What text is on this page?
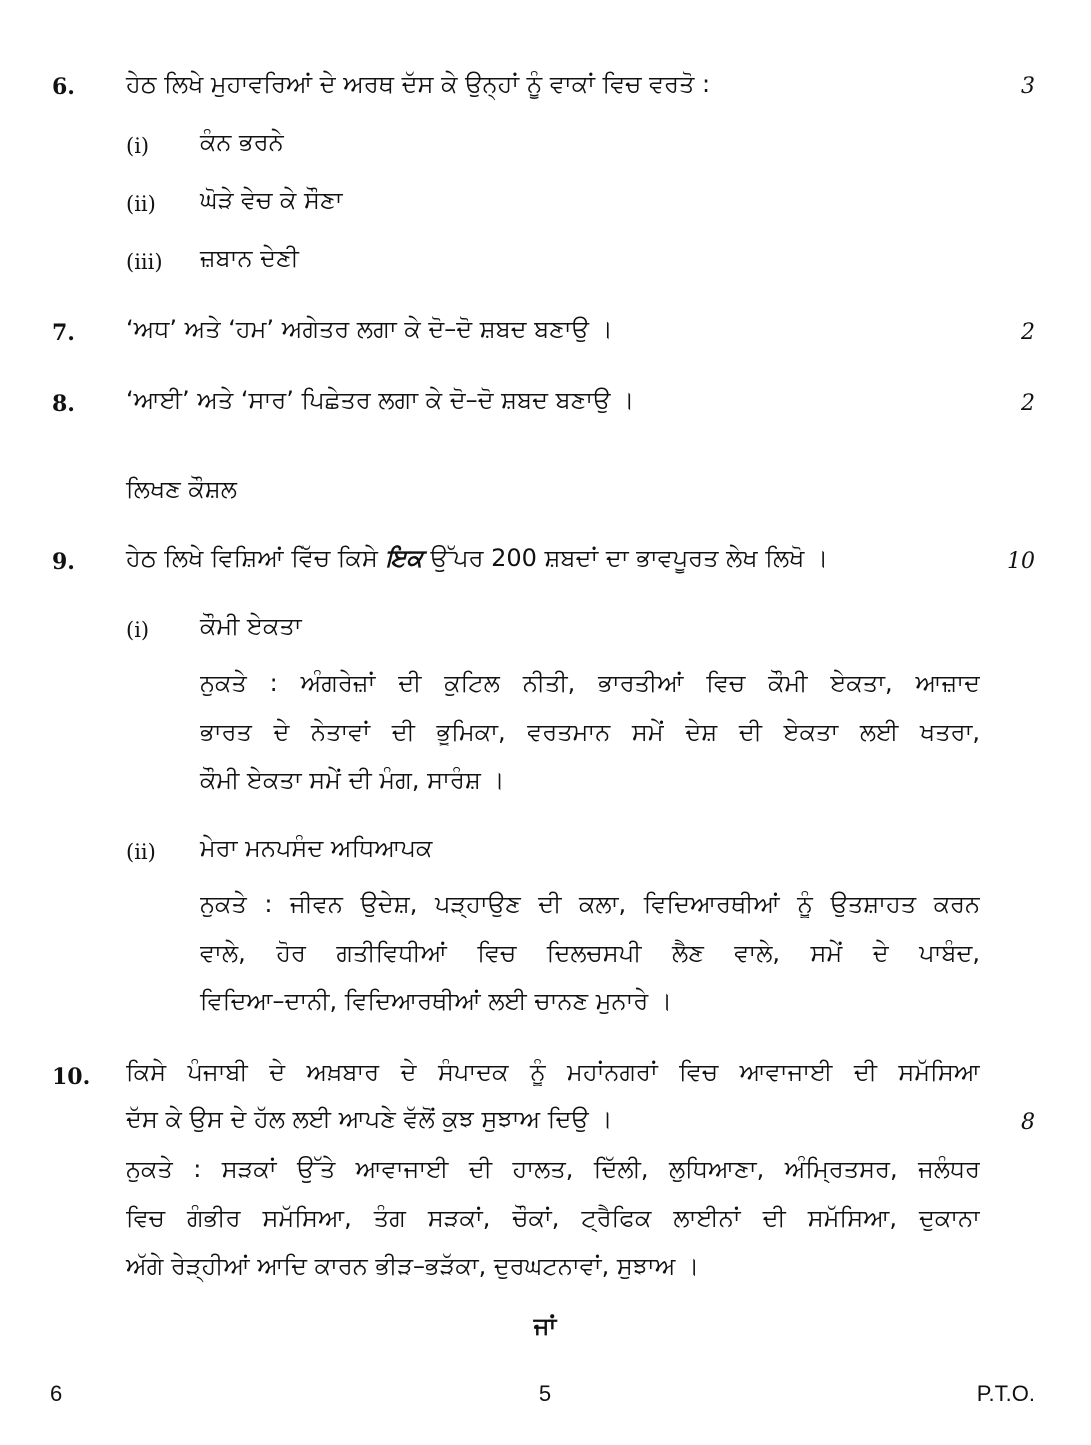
6. ਹੇਠ ਲਿਖੇ ਮੁਹਾਵਰਿਆਂ ਦੇ ਅਰਥ ਦੱਸ ਕੇ ਉਨ੍ਹਾਂ ਨੂੰ ਵਾਕਾਂ ਵਿਚ ਵਰਤੋ :	3
(i) ਕੰਨ ਭਰਨੇ
(ii) ਘੋੜੇ ਵੇਚ ਕੇ ਸੌਣਾ
(iii) ਜ਼ਬਾਨ ਦੇਣੀ
7. ‘ਅਧ’ ਅਤੇ ‘ਹਮ’ ਅਗੇਤਰ ਲਗਾ ਕੇ ਦੋ–ਦੋ ਸ਼ਬਦ ਬਣਾਉ ।	2
8. ‘ਆਈ’ ਅਤੇ ‘ਸਾਰ’ ਪਿਛੇਤਰ ਲਗਾ ਕੇ ਦੋ–ਦੋ ਸ਼ਬਦ ਬਣਾਉ ।	2
ਲਿਖਣ ਕੌਸ਼ਲ
9. ਹੇਠ ਲਿਖੇ ਵਿਸ਼ਿਆਂ ਵਿੱਚ ਕਿਸੇ ਇਕ ਉੱਪਰ 200 ਸ਼ਬਦਾਂ ਦਾ ਭਾਵਪੂਰਤ ਲੇਖ ਲਿਖੋ ।	10
(i) ਕੌਮੀ ਏਕਤਾ
ਨੁਕਤੇ : ਅੰਗਰੇਜ਼ਾਂ ਦੀ ਕੁਟਿਲ ਨੀਤੀ, ਭਾਰਤੀਆਂ ਵਿਚ ਕੌਮੀ ਏਕਤਾ, ਆਜ਼ਾਦ
ਭਾਰਤ ਦੇ ਨੇਤਾਵਾਂ ਦੀ ਭੂਮਿਕਾ, ਵਰਤਮਾਨ ਸਮੇਂ ਦੇਸ਼ ਦੀ ਏਕਤਾ ਲਈ ਖਤਰਾ,
ਕੌਮੀ ਏਕਤਾ ਸਮੇਂ ਦੀ ਮੰਗ, ਸਾਰੰਸ਼ ।
(ii) ਮੇਰਾ ਮਨਪਸੰਦ ਅਧਿਆਪਕ
ਨੁਕਤੇ : ਜੀਵਨ ਉਦੇਸ਼, ਪੜ੍ਹਾਉਣ ਦੀ ਕਲਾ, ਵਿਦਿਆਰਥੀਆਂ ਨੂੰ ਉਤਸ਼ਾਹਤ ਕਰਨ
ਵਾਲੇ, ਹੋਰ ਗਤੀਵਿਧੀਆਂ ਵਿਚ ਦਿਲਚਸਪੀ ਲੈਣ ਵਾਲੇ, ਸਮੇਂ ਦੇ ਪਾਬੰਦ,
ਵਿਦਿਆ–ਦਾਨੀ, ਵਿਦਿਆਰਥੀਆਂ ਲਈ ਚਾਨਣ ਮੁਨਾਰੇ ।
10. ਕਿਸੇ ਪੰਜਾਬੀ ਦੇ ਅਖ਼ਬਾਰ ਦੇ ਸੰਪਾਦਕ ਨੂੰ ਮਹਾਂਨਗਰਾਂ ਵਿਚ ਆਵਾਜਾਈ ਦੀ ਸਮੱਸਿਆ
ਦੱਸ ਕੇ ਉਸ ਦੇ ਹੱਲ ਲਈ ਆਪਣੇ ਵੱਲੋਂ ਕੁਝ ਸੁਝਾਅ ਦਿਉ ।	8
ਨੁਕਤੇ : ਸੜਕਾਂ ਉੱਤੇ ਆਵਾਜਾਈ ਦੀ ਹਾਲਤ, ਦਿੱਲੀ, ਲੁਧਿਆਣਾ, ਅੰਮ੍ਰਿਤਸਰ, ਜਲੰਧਰ
ਵਿਚ ਗੰਭੀਰ ਸਮੱਸਿਆ, ਤੰਗ ਸੜਕਾਂ, ਚੌਕਾਂ, ਟ੍ਰੈਫਿਕ ਲਾਈਨਾਂ ਦੀ ਸਮੱਸਿਆ, ਦੁਕਾਨਾ
ਅੱਗੇ ਰੇੜ੍ਹੀਆਂ ਆਦਿ ਕਾਰਨ ਭੀੜ–ਭੜੱਕਾ, ਦੁਰਘਟਨਾਵਾਂ, ਸੁਝਾਅ ।
ਜਾਂ
6	5	P.T.O.
